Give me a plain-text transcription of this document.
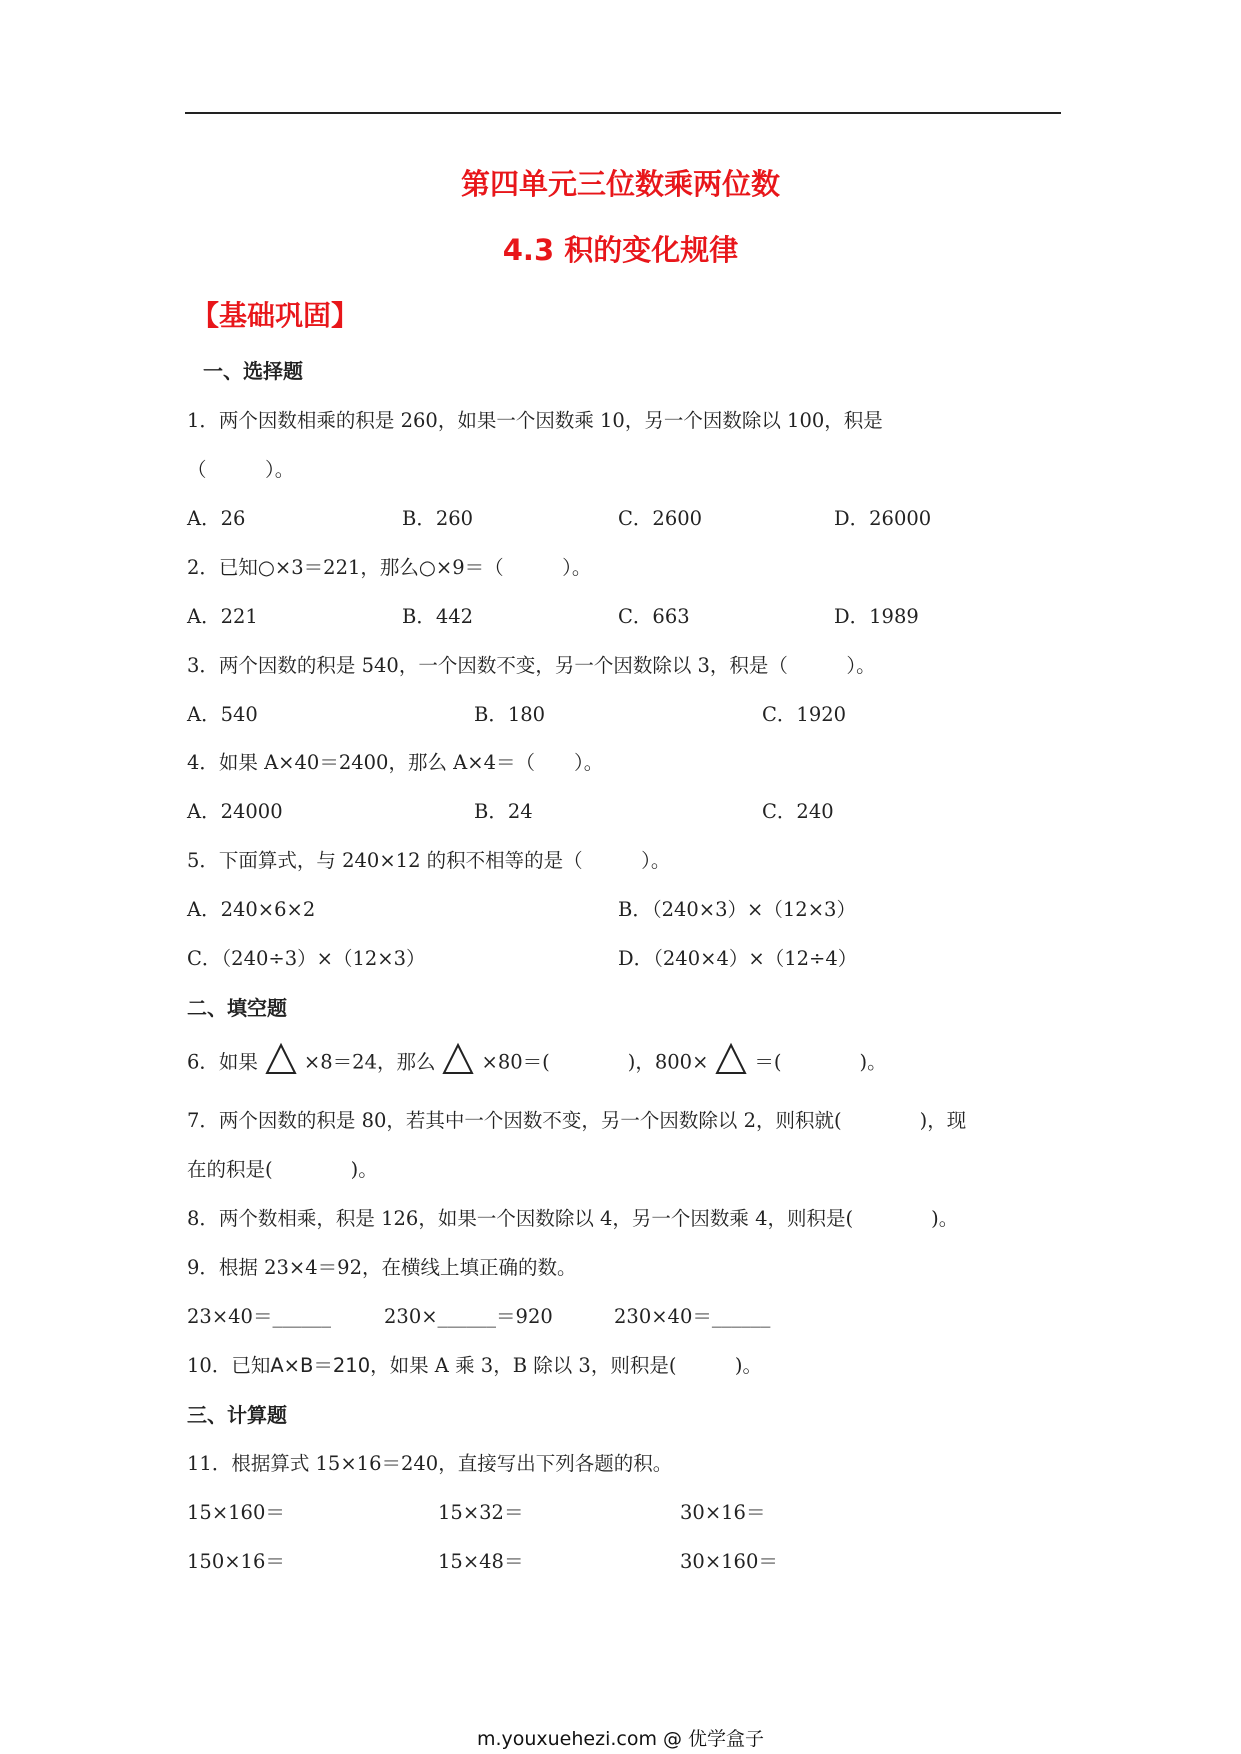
第四单元三位数乘两位数
4.3 积的变化规律
【基础巩固】
一、选择题
1．两个因数相乘的积是 260，如果一个因数乘 10，另一个因数除以 100，积是
（　　　）。
A．26	B．260	C．2600	D．26000
2．已知○×3＝221，那么○×9＝（　　　）。
A．221	B．442	C．663	D．1989
3．两个因数的积是 540，一个因数不变，另一个因数除以 3，积是（　　　）。
A．540	B．180	C．1920
4．如果 A×40＝2400，那么 A×4＝（　　）。
A．24000	B．24	C．240
5．下面算式，与 240×12 的积不相等的是（　　　）。
A．240×6×2	B．（240×3）×（12×3）
C．（240÷3）×（12×3）	D．（240×4）×（12÷4）
二、填空题
6．如果 ×8＝24，那么 ×80＝(　　　　)，800× ＝(　　　　)。
7．两个因数的积是 80，若其中一个因数不变，另一个因数除以 2，则积就(　　　　)，现
在的积是(　　　　)。
8．两个数相乘，积是 126，如果一个因数除以 4，另一个因数乘 4，则积是(　　　　)。
9．根据 23×4＝92，在横线上填正确的数。
23×40＝______	230×______＝920	230×40＝______
10．已知A×B＝210，如果 A 乘 3，B 除以 3，则积是(　　　)。
三、计算题
11．根据算式 15×16＝240，直接写出下列各题的积。
15×160＝	15×32＝	30×16＝
150×16＝	15×48＝	30×160＝
m.youxuehezi.com @ 优学盒子
